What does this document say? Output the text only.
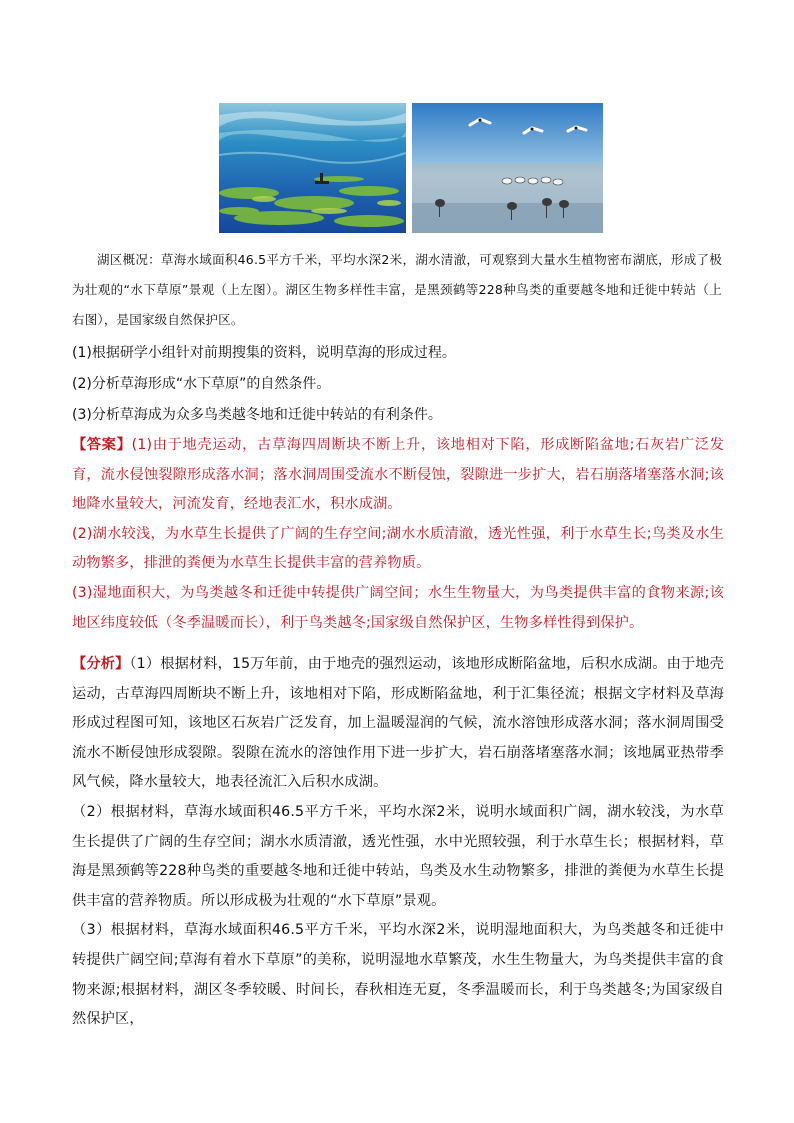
湖区概况：草海水域面积46.5平方千米，平均水深2米，湖水清澈，可观察到大量水生植物密布湖底，形成了极为壮观的“水下草原”景观（上左图）。湖区生物多样性丰富，是黑颈鹤等228种鸟类的重要越冬地和迁徙中转站（上右图），是国家级自然保护区。

(1)根据研学小组针对前期搜集的资料，说明草海的形成过程。
(2)分析草海形成“水下草原”的自然条件。
(3)分析草海成为众多鸟类越冬地和迁徙中转站的有利条件。

【答案】(1)由于地壳运动，古草海四周断块不断上升，该地相对下陷，形成断陷盆地;石灰岩广泛发育，流水侵蚀裂隙形成落水洞；落水洞周围受流水不断侵蚀，裂隙进一步扩大，岩石崩落堵塞落水洞;该地降水量较大，河流发育，经地表汇水，积水成湖。

(2)湖水较浅，为水草生长提供了广阔的生存空间;湖水水质清澈，透光性强，利于水草生长;鸟类及水生动物繁多，排泄的粪便为水草生长提供丰富的营养物质。

(3)湿地面积大，为鸟类越冬和迁徙中转提供广阔空间；水生生物量大，为鸟类提供丰富的食物来源;该地区纬度较低（冬季温暖而长），利于鸟类越冬;国家级自然保护区，生物多样性得到保护。

【分析】（1）根据材料，15万年前，由于地壳的强烈运动，该地形成断陷盆地，后积水成湖。由于地壳运动，古草海四周断块不断上升，该地相对下陷，形成断陷盆地，利于汇集径流；根据文字材料及草海形成过程图可知，该地区石灰岩广泛发育，加上温暖湿润的气候，流水溶蚀形成落水洞；落水洞周围受流水不断侵蚀形成裂隙。裂隙在流水的溶蚀作用下进一步扩大，岩石崩落堵塞落水洞；该地属亚热带季风气候，降水量较大，地表径流汇入后积水成湖。

（2）根据材料，草海水域面积46.5平方千米，平均水深2米，说明水域面积广阔，湖水较浅，为水草生长提供了广阔的生存空间；湖水水质清澈，透光性强，水中光照较强，利于水草生长；根据材料，草海是黑颈鹤等228种鸟类的重要越冬地和迁徙中转站，鸟类及水生动物繁多，排泄的粪便为水草生长提供丰富的营养物质。所以形成极为壮观的“水下草原”景观。

（3）根据材料，草海水域面积46.5平方千米，平均水深2米，说明湿地面积大，为鸟类越冬和迁徙中转提供广阔空间;草海有着水下草原”的美称，说明湿地水草繁茂，水生生物量大，为鸟类提供丰富的食物来源;根据材料，湖区冬季较暖、时间长，春秋相连无夏，冬季温暖而长，利于鸟类越冬;为国家级自然保护区，
